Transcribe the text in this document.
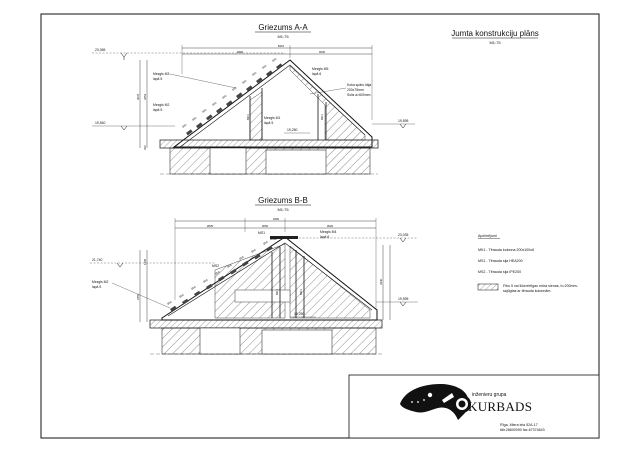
Jumta konstrukciju plāns
M1:75
Griezums A-A
M1:75
8415
4890	3600
23,065
19,540
3015 3252
260
600
600
600
600
600
600
600
600
600
600
MK1	MK1
Mezgls M3
lapā 5
Mezgls M2
lapā 5
Mezgls M1
lapā 5
Mezgls M5
lapā 6
Koka spāru kāja
200x75mm
Solis a=600mm
19,250
19,595
Griezums B-B
M1:75
9400
2825	3050	3620
23,035
21,740
19,595
1295
2450
3440
600
600
600
600
600
600
600
MK1	MK1
MS2
MS2
MS1	Mezgls M4
lapā 6
Mezgls M2
lapā 5
19,250
Apzīmējumi
MK1 - Tērauda kolonna 200x100x6
MS1 - Tērauda sija HEA200
MS2 - Tērauda sija IPE200
Fibo 5 vai līdzvērtīgas mūra sienas, b=200mm-
sajūgtas ar tērauda kolonnām.
inženieru grupa
KURBADS
Rīga, Miera iela 52A-17
tālr.28600090 fax.67374643
